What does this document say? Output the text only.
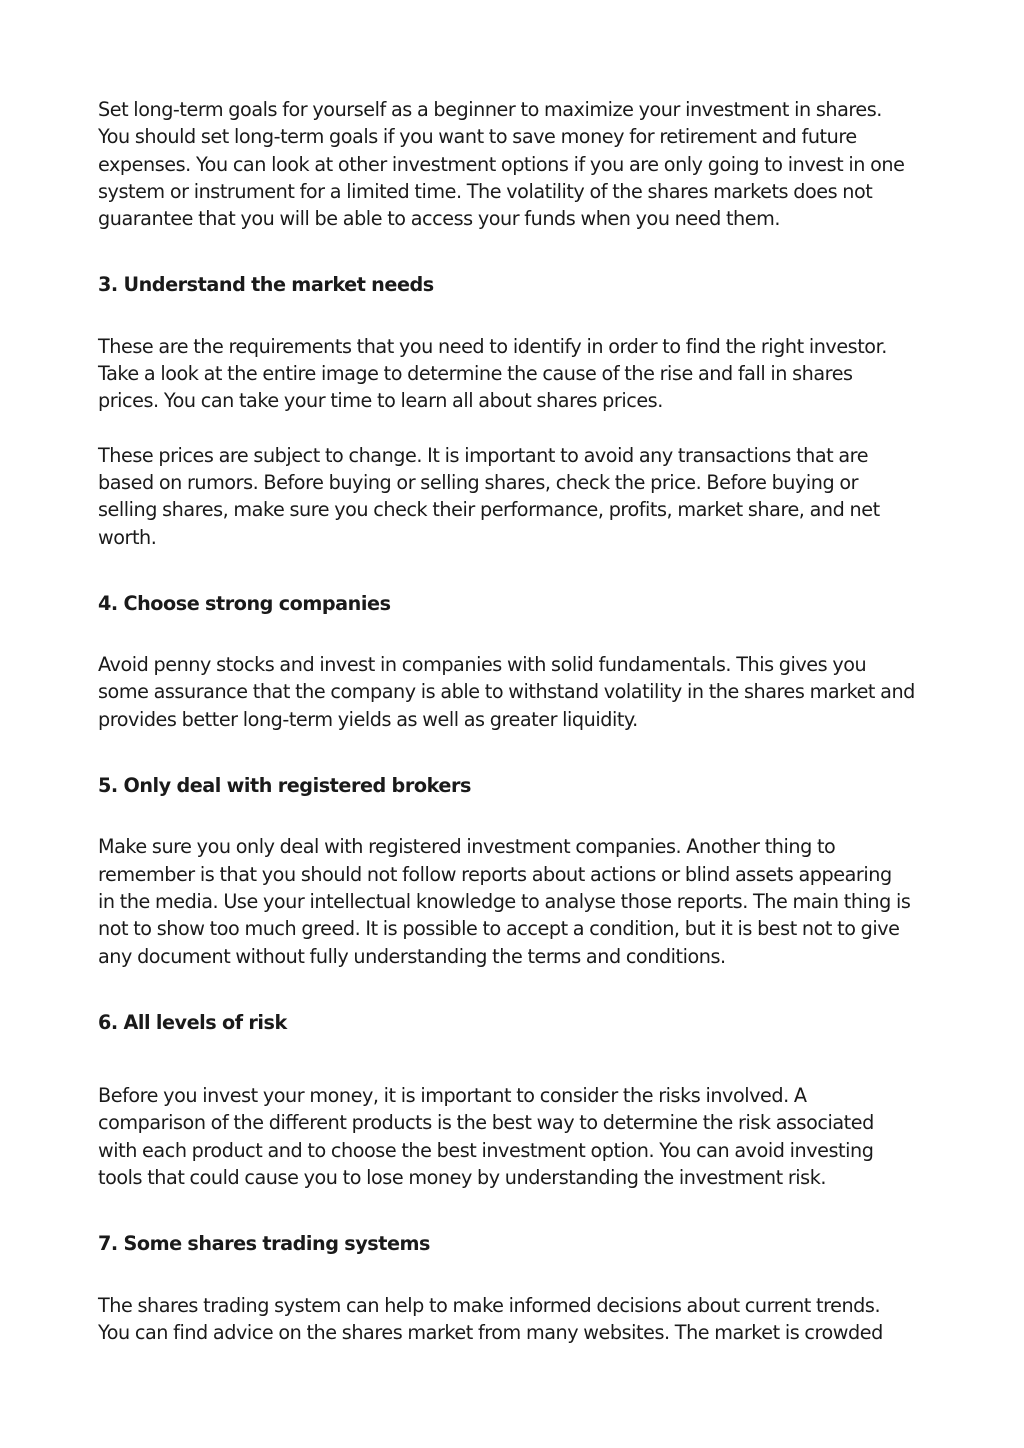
Set long-term goals for yourself as a beginner to maximize your investment in shares.
You should set long-term goals if you want to save money for retirement and future
expenses. You can look at other investment options if you are only going to invest in one
system or instrument for a limited time. The volatility of the shares markets does not
guarantee that you will be able to access your funds when you need them.

3. Understand the market needs

These are the requirements that you need to identify in order to find the right investor.
Take a look at the entire image to determine the cause of the rise and fall in shares
prices. You can take your time to learn all about shares prices.

These prices are subject to change. It is important to avoid any transactions that are
based on rumors. Before buying or selling shares, check the price. Before buying or
selling shares, make sure you check their performance, profits, market share, and net
worth.

4. Choose strong companies

Avoid penny stocks and invest in companies with solid fundamentals. This gives you
some assurance that the company is able to withstand volatility in the shares market and
provides better long-term yields as well as greater liquidity.

5. Only deal with registered brokers

Make sure you only deal with registered investment companies. Another thing to
remember is that you should not follow reports about actions or blind assets appearing
in the media. Use your intellectual knowledge to analyse those reports. The main thing is
not to show too much greed. It is possible to accept a condition, but it is best not to give
any document without fully understanding the terms and conditions.

6. All levels of risk

Before you invest your money, it is important to consider the risks involved. A
comparison of the different products is the best way to determine the risk associated
with each product and to choose the best investment option. You can avoid investing
tools that could cause you to lose money by understanding the investment risk.

7. Some shares trading systems

The shares trading system can help to make informed decisions about current trends.
You can find advice on the shares market from many websites. The market is crowded
